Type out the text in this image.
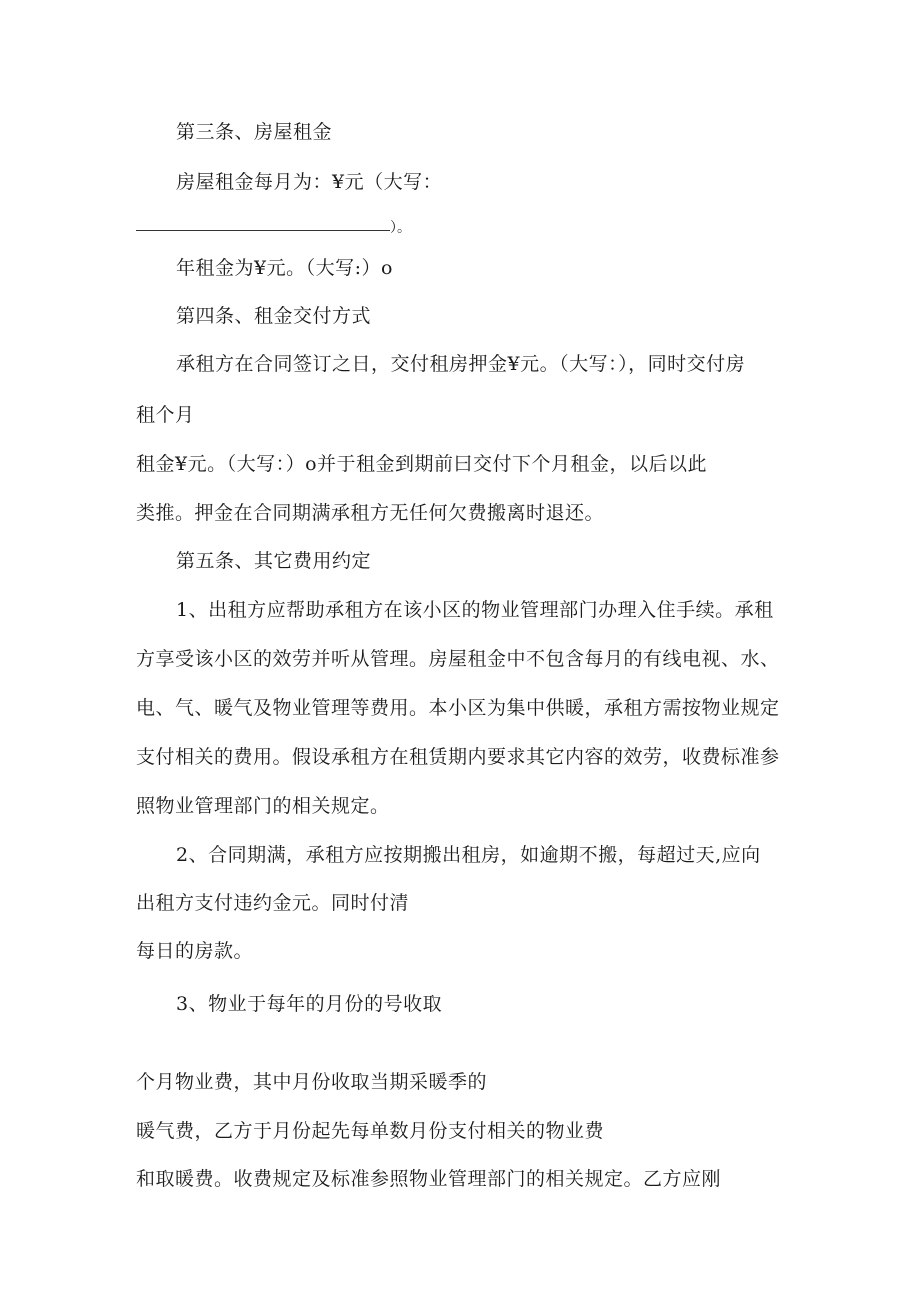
第三条、房屋租金
房屋租金每月为：¥元（大写：
）。
年租金为¥元。（大写:）o
第四条、租金交付方式
承租方在合同签订之日，交付租房押金¥元。（大写：），同时交付房
租个月
租金¥元。（大写：）o并于租金到期前曰交付下个月租金，以后以此
类推。押金在合同期满承租方无任何欠费搬离时退还。
第五条、其它费用约定
1、出租方应帮助承租方在该小区的物业管理部门办理入住手续。承租
方享受该小区的效劳并听从管理。房屋租金中不包含每月的有线电视、水、
电、气、暖气及物业管理等费用。本小区为集中供暖，承租方需按物业规定
支付相关的费用。假设承租方在租赁期内要求其它内容的效劳，收费标准参
照物业管理部门的相关规定。
2、合同期满，承租方应按期搬出租房，如逾期不搬，每超过天,应向
出租方支付违约金元。同时付清
每日的房款。
3、物业于每年的月份的号收取
个月物业费，其中月份收取当期采暖季的
暖气费，乙方于月份起先每单数月份支付相关的物业费
和取暖费。收费规定及标准参照物业管理部门的相关规定。乙方应刚
